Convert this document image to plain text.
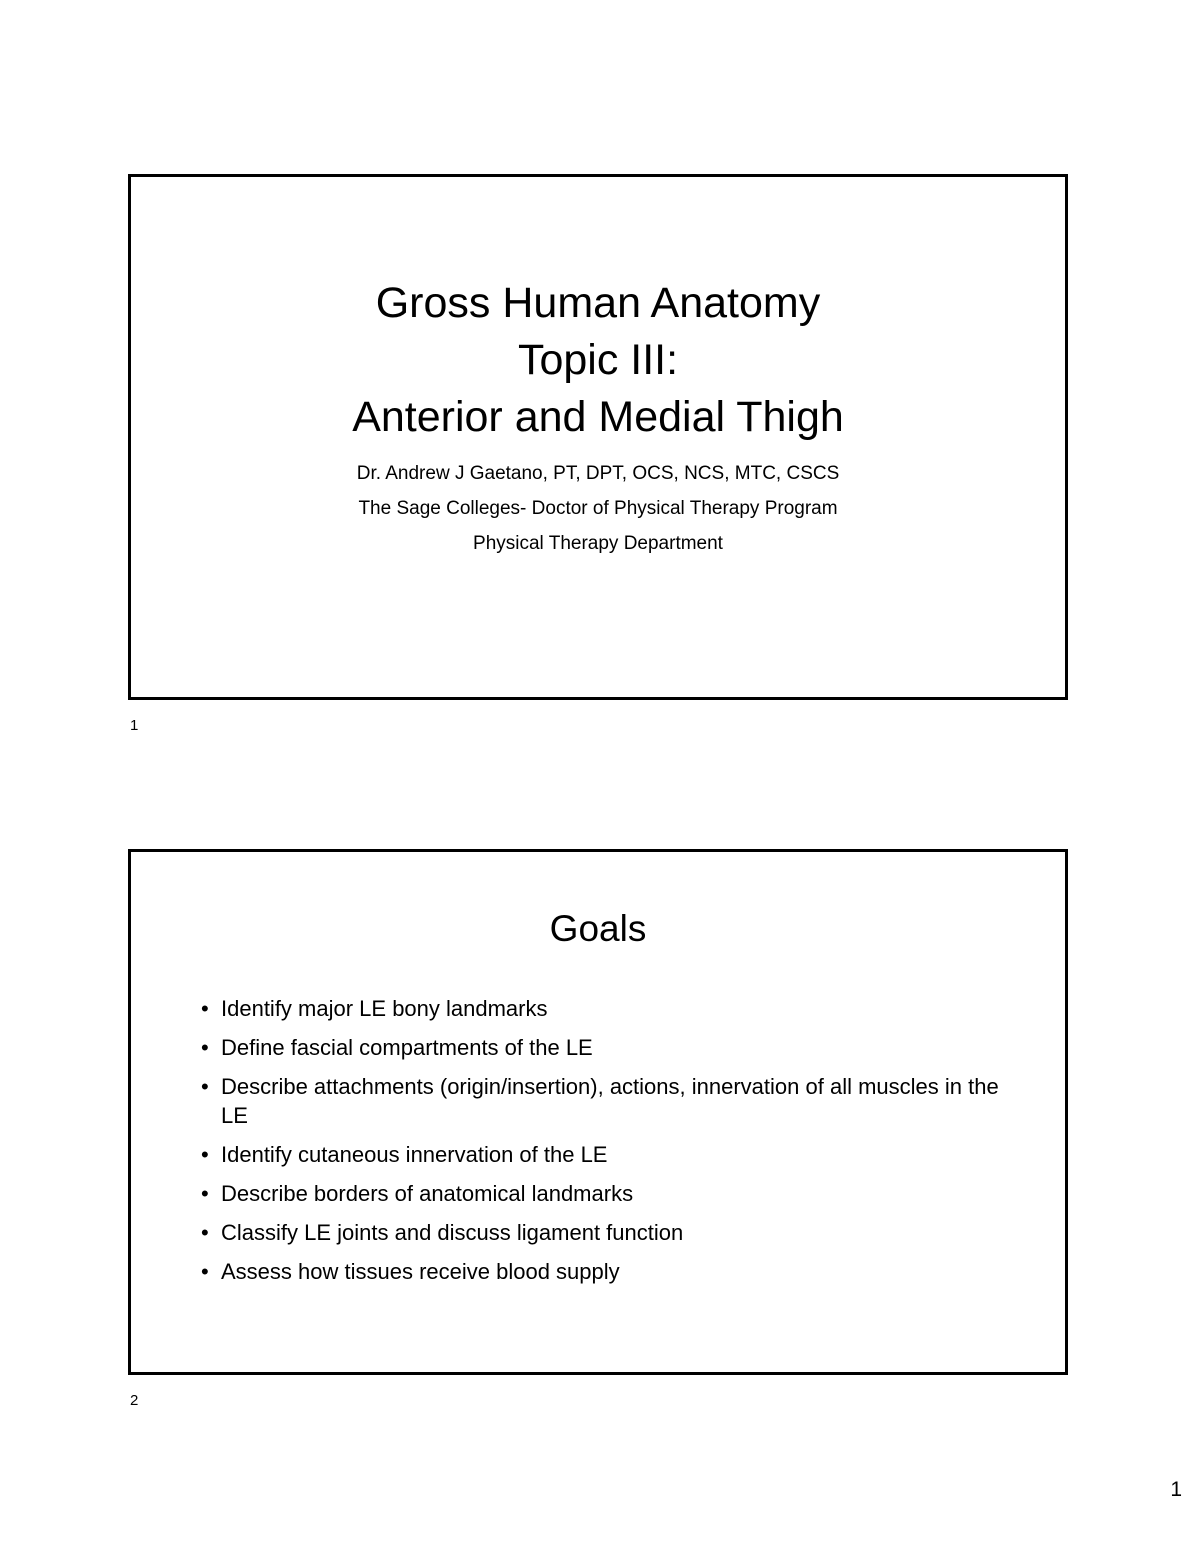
Gross Human Anatomy
Topic III:
Anterior and Medial Thigh
Dr. Andrew J Gaetano, PT, DPT, OCS, NCS, MTC, CSCS
The Sage Colleges- Doctor of Physical Therapy Program
Physical Therapy Department
1
Goals
• Identify major LE bony landmarks
• Define fascial compartments of the LE
• Describe attachments (origin/insertion), actions, innervation of all muscles in the LE
• Identify cutaneous innervation of the LE
• Describe borders of anatomical landmarks
• Classify LE joints and discuss ligament function
• Assess how tissues receive blood supply
2
1
